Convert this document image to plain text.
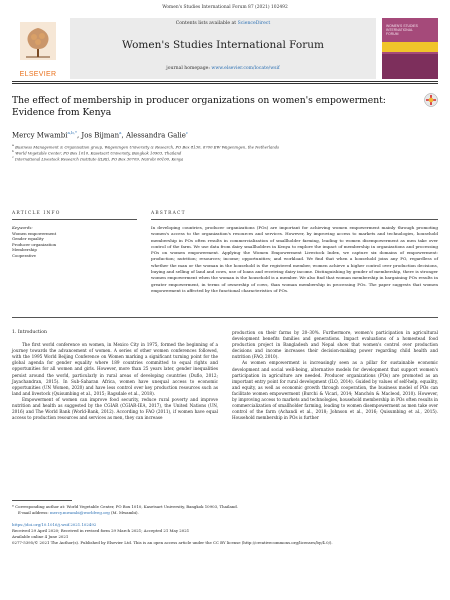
Women's Studies International Forum 87 (2021) 102492
ELSEVIER
Contents lists available at ScienceDirect
Women's Studies International Forum
journal homepage: www.elsevier.com/locate/wsif
WOMEN'S STUDIES INTERNATIONAL FORUM
The effect of membership in producer organizations on women's empowerment: Evidence from Kenya
Mercy Mwambi$^{a,b,*}$, Jos Bijman$^a$, Alessandra Galie$^c$
$^a$ Business Management & Organisation group, Wageningen University & Research, PO Box 8130, 6700 EW Wageningen, the Netherlands
$^b$ World Vegetable Center, PO Box 1010, Kasetsart University, Bangkok 10903, Thailand
$^c$ International Livestock Research Institute (ILRI), PO Box 30709, Nairobi 00100, Kenya
ARTICLE INFO	ABSTRACT
Keywords:
Women empowerment
Gender equality
Producer organization
Membership
Cooperative
In developing countries, producer organizations (POs) are important for achieving women empowerment mainly through promoting women's access to the organization's resources and services. However, by improving access to markets and technologies, household membership in POs often results in commercialization of smallholder farming, leading to women disempowerment as men take over control of the farm. We use data from dairy smallholders in Kenya to explore the impact of membership in organizations and processing POs on women empowerment. Applying the Women Empowerment Livestock Index, we capture six domains of empowerment: production; nutrition; resources; income; opportunities; and workload. We find that when a household joins any PO, regardless of whether the man or the woman in the household is the registered member, women achieve a higher control over production decisions, buying and selling of land and cows, use of loans and receiving dairy income. Distinguishing by gender of membership, there is stronger women empowerment when the woman is the household is a member. We also find that woman membership in bargaining POs results in greater empowerment, in terms of ownership of cows, than woman membership in processing POs. The paper suggests that women empowerment is affected by the functional characteristics of POs.
1. Introduction

The first world conference on women, in Mexico City in 1975, formed the beginning of a journey towards the advancement of women. A series of other women conferences followed, with the 1995 World Beijing Conference on Women marking a significant turning point for the global agenda for gender equality where 189 countries committed to equal rights and opportunities for all women and girls. However, more than 25 years later, gender inequalities persist around the world, particularly in rural areas of developing countries (Duflo, 2012; Jayachandran, 2015). In Sub-Saharan Africa, women have unequal access to economic opportunities (UN Women, 2020) and have less control over key production resources such as land and livestock (Quisumbing et al., 2015; Ragsdale et al., 2018).

Empowerment of women can improve food security, reduce rural poverty and improve nutrition and health as suggested by the CGIAR (CGIAR-IEA, 2017), the United Nations (UN, 2016) and The World Bank (World-Bank, 2012). According to FAO (2011), if women have equal access to production resources and services as men, they can increase

production on their farms by 20–30%. Furthermore, women's participation in agricultural development benefits families and generations. Impact evaluations of a homestead food production project in Bangladesh and Nepal show that women's control over production decisions and income increases their decision-making power regarding child health and nutrition (FAO, 2010).

As women empowerment is increasingly seen as a pillar for sustainable economic development and social well-being, alternative models for development that support women's participation in agriculture are needed. Producer organizations (POs) are promoted as an important entry point for rural development (ILO, 2014). Guided by values of self-help, equality, and equity, as well as economic growth through cooperation, the business model of POs can facilitate women empowerment (Burchi & Vicari, 2014; Manchón & Macleod, 2010). However, by improving access to markets and technologies, household membership in POs often results in commercialization of smallholder farming, leading to women disempowerment as men take over control of the farm (Achandi et al., 2018; Johnson et al., 2016; Quisumbing et al., 2015). Household membership in POs is further

* Corresponding author at: World Vegetable Center, PO Box 1010, Kasetsart University, Bangkok 10903, Thailand.
E-mail address: mercy.mwambi@worldveg.org (M. Mwambi).
https://doi.org/10.1016/j.wsif.2021.102492
Received 29 April 2020; Received in revised form 29 March 2021; Accepted 21 May 2021
Available online 4 June 2021
0277-5395/© 2021 The Author(s). Published by Elsevier Ltd. This is an open access article under the CC BY license (http://creativecommons.org/licenses/by/4.0/).
